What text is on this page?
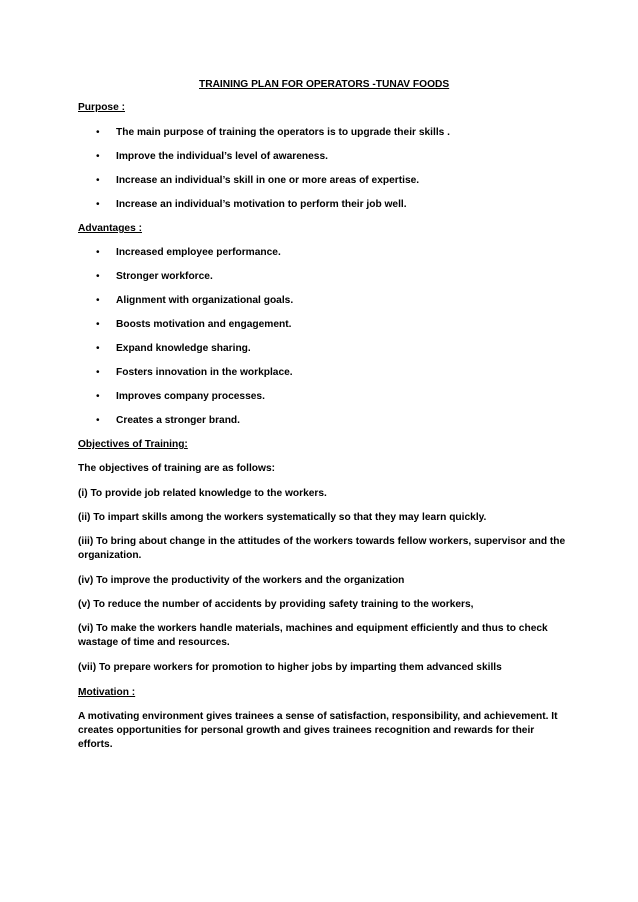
TRAINING PLAN FOR OPERATORS -TUNAV FOODS

Purpose :

• The main purpose of training the operators is to upgrade their skills .
• Improve the individual’s level of awareness.
• Increase an individual’s skill in one or more areas of expertise.
• Increase an individual’s motivation to perform their job well.

Advantages :

• Increased employee performance.
• Stronger workforce.
• Alignment with organizational goals.
• Boosts motivation and engagement.
• Expand knowledge sharing.
• Fosters innovation in the workplace.
• Improves company processes.
• Creates a stronger brand.

Objectives of Training:

The objectives of training are as follows:

(i) To provide job related knowledge to the workers.

(ii) To impart skills among the workers systematically so that they may learn quickly.

(iii) To bring about change in the attitudes of the workers towards fellow workers, supervisor and the organization.

(iv) To improve the productivity of the workers and the organization

(v) To reduce the number of accidents by providing safety training to the workers,

(vi) To make the workers handle materials, machines and equipment efficiently and thus to check wastage of time and resources.

(vii) To prepare workers for promotion to higher jobs by imparting them advanced skills

Motivation :

A motivating environment gives trainees a sense of satisfaction, responsibility, and achievement. It creates opportunities for personal growth and gives trainees recognition and rewards for their efforts.
